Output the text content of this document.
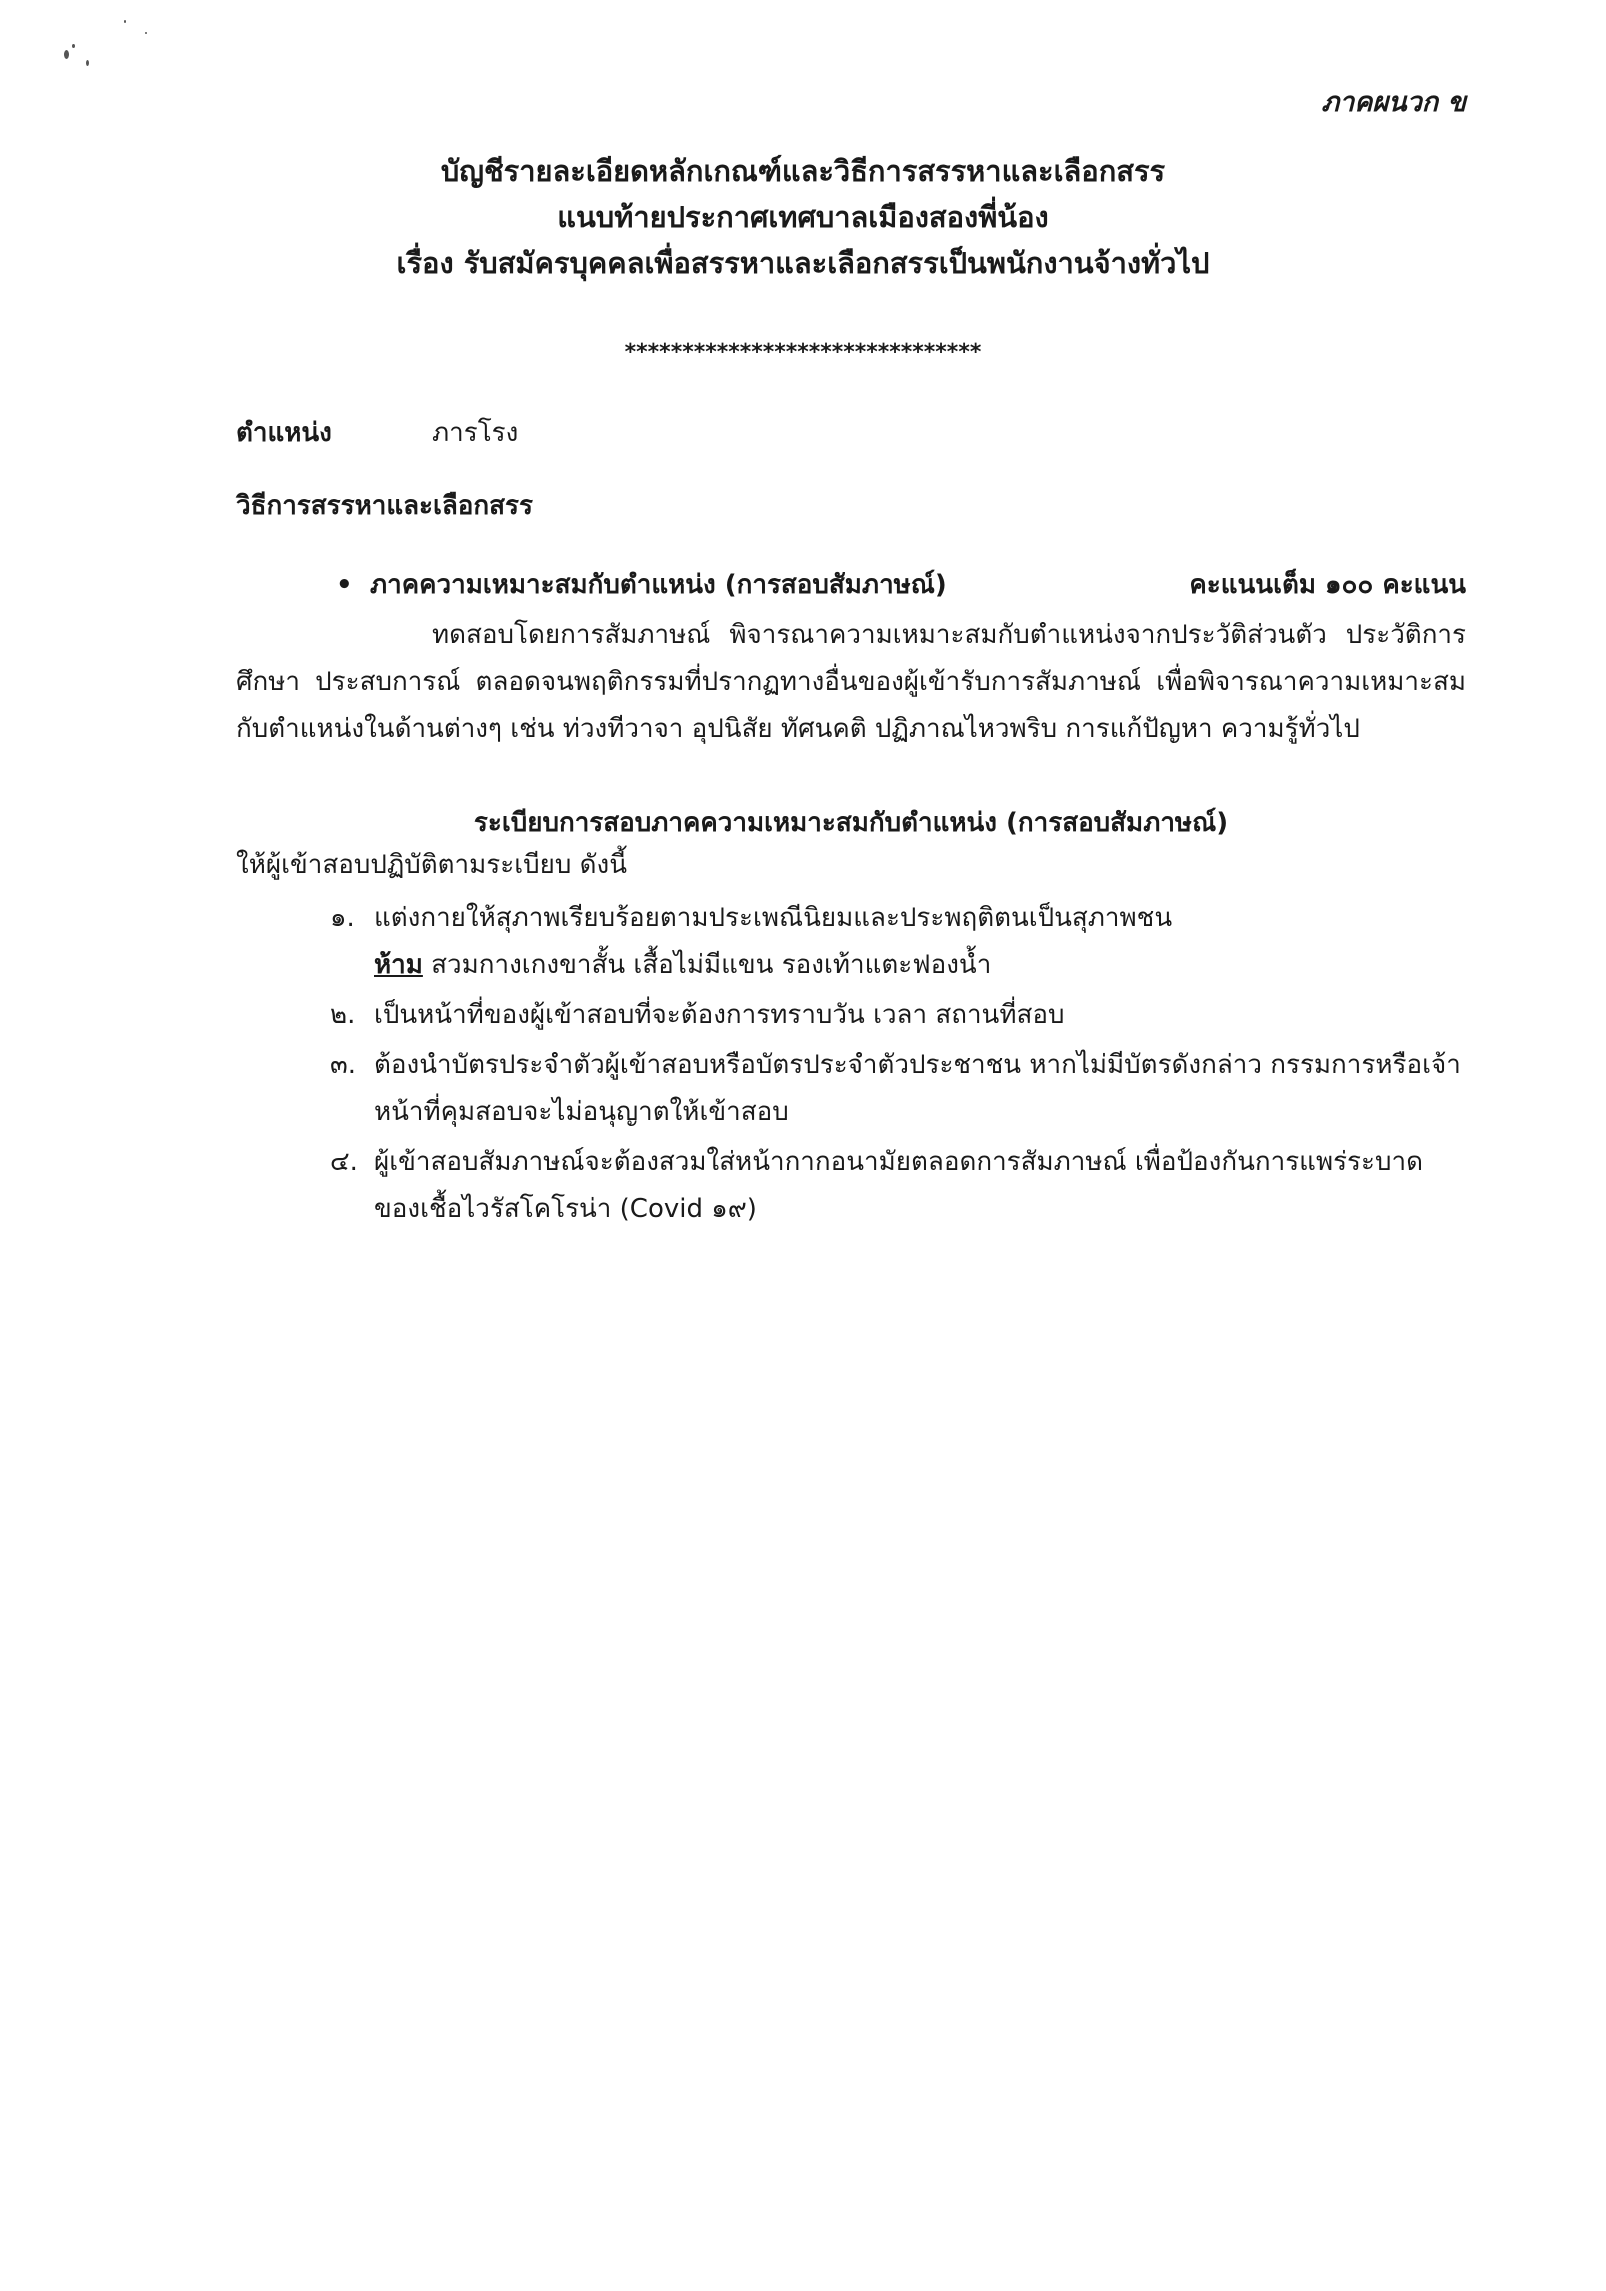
ภาคผนวก ข
บัญชีรายละเอียดหลักเกณฑ์และวิธีการสรรหาและเลือกสรร
แนบท้ายประกาศเทศบาลเมืองสองพี่น้อง
เรื่อง รับสมัครบุคคลเพื่อสรรหาและเลือกสรรเป็นพนักงานจ้างทั่วไป
*******************************
ตำแหน่ง	ภารโรง
วิธีการสรรหาและเลือกสรร
• ภาคความเหมาะสมกับตำแหน่ง (การสอบสัมภาษณ์)	คะแนนเต็ม ๑๐๐ คะแนน
ทดสอบโดยการสัมภาษณ์ พิจารณาความเหมาะสมกับตำแหน่งจากประวัติส่วนตัว ประวัติการศึกษา ประสบการณ์ ตลอดจนพฤติกรรมที่ปรากฏทางอื่นของผู้เข้ารับการสัมภาษณ์ เพื่อพิจารณาความเหมาะสมกับตำแหน่งในด้านต่างๆ เช่น ท่วงทีวาจา อุปนิสัย ทัศนคติ ปฏิภาณไหวพริบ การแก้ปัญหา ความรู้ทั่วไป
ระเบียบการสอบภาคความเหมาะสมกับตำแหน่ง (การสอบสัมภาษณ์)
ให้ผู้เข้าสอบปฏิบัติตามระเบียบ ดังนี้
๑. แต่งกายให้สุภาพเรียบร้อยตามประเพณีนิยมและประพฤติตนเป็นสุภาพชน
ห้าม สวมกางเกงขาสั้น เสื้อไม่มีแขน รองเท้าแตะฟองน้ำ
๒. เป็นหน้าที่ของผู้เข้าสอบที่จะต้องการทราบวัน เวลา สถานที่สอบ
๓. ต้องนำบัตรประจำตัวผู้เข้าสอบหรือบัตรประจำตัวประชาชน หากไม่มีบัตรดังกล่าว กรรมการหรือเจ้าหน้าที่คุมสอบจะไม่อนุญาตให้เข้าสอบ
๔. ผู้เข้าสอบสัมภาษณ์จะต้องสวมใส่หน้ากากอนามัยตลอดการสัมภาษณ์ เพื่อป้องกันการแพร่ระบาดของเชื้อไวรัสโคโรน่า (Covid ๑๙)
